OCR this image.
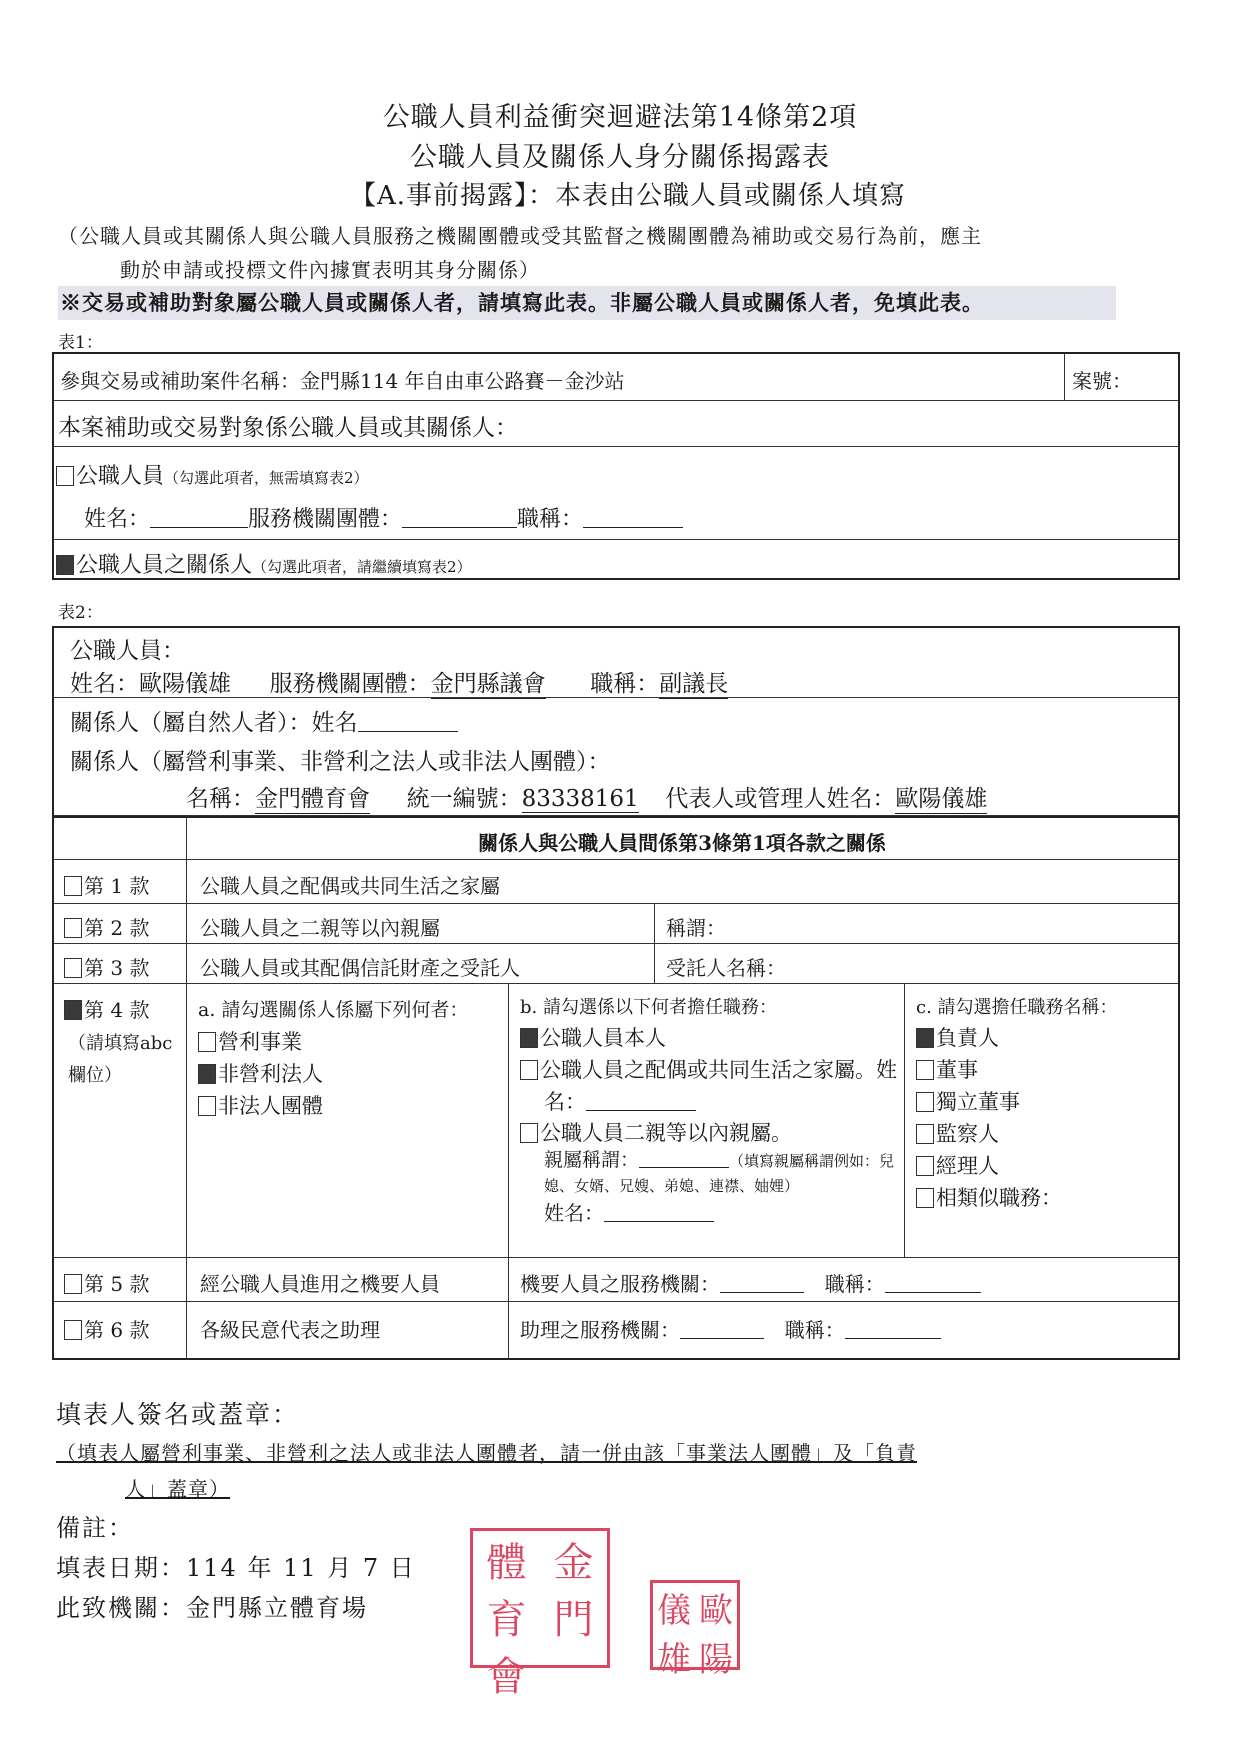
公職人員利益衝突迴避法第14條第2項
公職人員及關係人身分關係揭露表
【A.事前揭露】：本表由公職人員或關係人填寫
（公職人員或其關係人與公職人員服務之機關團體或受其監督之機關團體為補助或交易行為前，應主
動於申請或投標文件內據實表明其身分關係）
※交易或補助對象屬公職人員或關係人者，請填寫此表。非屬公職人員或關係人者，免填此表。
表1：
參與交易或補助案件名稱：金門縣114 年自由車公路賽－金沙站	案號：
本案補助或交易對象係公職人員或其關係人：
公職人員（勾選此項者，無需填寫表2）
姓名：	服務機關團體：	職稱：
公職人員之關係人（勾選此項者，請繼續填寫表2）
表2：
公職人員：
姓名：歐陽儀雄 服務機關團體：金門縣議會 職稱：副議長
關係人（屬自然人者）：姓名
關係人（屬營利事業、非營利之法人或非法人團體）：
名稱：金門體育會 統一編號：83338161 代表人或管理人姓名：歐陽儀雄
關係人與公職人員間係第3條第1項各款之關係
第 1 款	公職人員之配偶或共同生活之家屬
第 2 款	公職人員之二親等以內親屬	稱謂：
第 3 款	公職人員或其配偶信託財產之受託人	受託人名稱：
第 4 款
（請填寫abc欄位）
a. 請勾選關係人係屬下列何者：
營利事業
非營利法人
非法人團體
b. 請勾選係以下何者擔任職務：
公職人員本人
公職人員之配偶或共同生活之家屬。姓名：
公職人員二親等以內親屬。
親屬稱謂：	（填寫親屬稱謂例如：兒媳、女婿、兄嫂、弟媳、連襟、妯娌）
姓名：
c. 請勾選擔任職務名稱：
負責人
董事
獨立董事
監察人
經理人
相類似職務：
第 5 款	經公職人員進用之機要人員	機要人員之服務機關：	職稱：
第 6 款	各級民意代表之助理	助理之服務機關：	職稱：
填表人簽名或蓋章：
（填表人屬營利事業、非營利之法人或非法人團體者，請一併由該「事業法人團體」及「負責
人」蓋章）
備註：
填表日期：114 年 11 月 7 日
此致機關：金門縣立體育場
體 金
育 門
會
儀 歐
雄 陽
